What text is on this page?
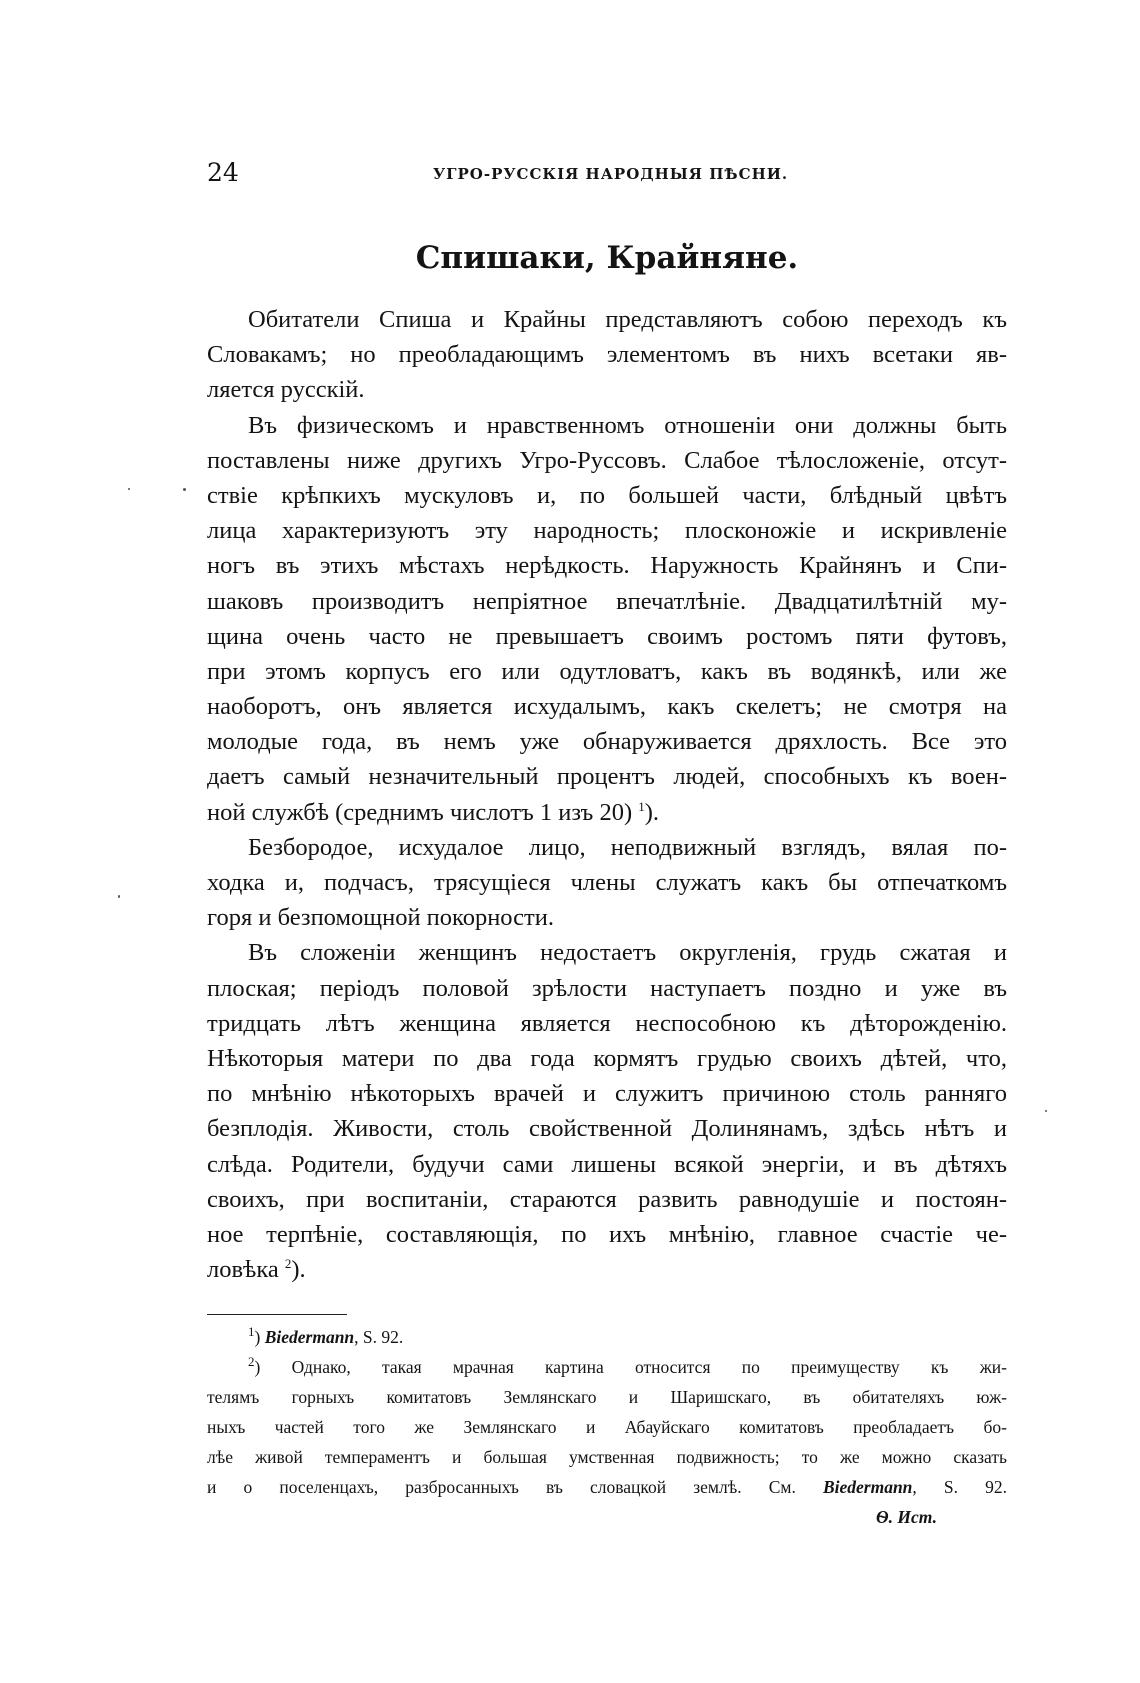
24	УГРО-РУССКІЯ НАРОДНЫЯ ПѢСНИ.
Спишаки, Крайняне.
Обитатели Спиша и Крайны представляютъ собою переходъ къ
Словакамъ; но преобладающимъ элементомъ въ нихъ всетаки яв-
ляется русскій.
Въ физическомъ и нравственномъ отношеніи они должны быть
поставлены ниже другихъ Угро-Руссовъ. Слабое тѣлосложеніе, отсут-
ствіе крѣпкихъ мускуловъ и, по большей части, блѣдный цвѣтъ
лица характеризуютъ эту народность; плосконожіе и искривленіе
ногъ въ этихъ мѣстахъ нерѣдкость. Наружность Крайнянъ и Спи-
шаковъ производитъ непріятное впечатлѣніе. Двадцатилѣтній му-
щина очень часто не превышаетъ своимъ ростомъ пяти футовъ,
при этомъ корпусъ его или одутловатъ, какъ въ водянкѣ, или же
наоборотъ, онъ является исхудалымъ, какъ скелетъ; не смотря на
молодые года, въ немъ уже обнаруживается дряхлость. Все это
даетъ самый незначительный процентъ людей, способныхъ къ воен-
ной службѣ (среднимъ числотъ 1 изъ 20) $^1$).
Безбородое, исхудалое лицо, неподвижный взглядъ, вялая по-
ходка и, подчасъ, трясущіеся члены служатъ какъ бы отпечаткомъ
горя и безпомощной покорности.
Въ сложеніи женщинъ недостаетъ округленія, грудь сжатая и
плоская; періодъ половой зрѣлости наступаетъ поздно и уже въ
тридцать лѣтъ женщина является неспособною къ дѣторожденію.
Нѣкоторыя матери по два года кормятъ грудью своихъ дѣтей, что,
по мнѣнію нѣкоторыхъ врачей и служитъ причиною столь ранняго
безплодія. Живости, столь свойственной Долинянамъ, здѣсь нѣтъ и
слѣда. Родители, будучи сами лишены всякой энергіи, и въ дѣтяхъ
своихъ, при воспитаніи, стараются развить равнодушіе и постоян-
ное терпѣніе, составляющія, по ихъ мнѣнію, главное счастіе че-
ловѣка $^2$).
$^1$) Biedermann, S. 92.
$^2$) Однако, такая мрачная картина относится по преимуществу къ жи-
телямъ горныхъ комитатовъ Землянскаго и Шаришскаго, въ обитателяхъ юж-
ныхъ частей того же Землянскаго и Абауйскаго комитатовъ преобладаетъ бо-
лѣе живой темпераментъ и большая умственная подвижность; то же можно сказать
и о поселенцахъ, разбросанныхъ въ словацкой землѣ. См. Biedermann, S. 92.
Ѳ. Ист.
